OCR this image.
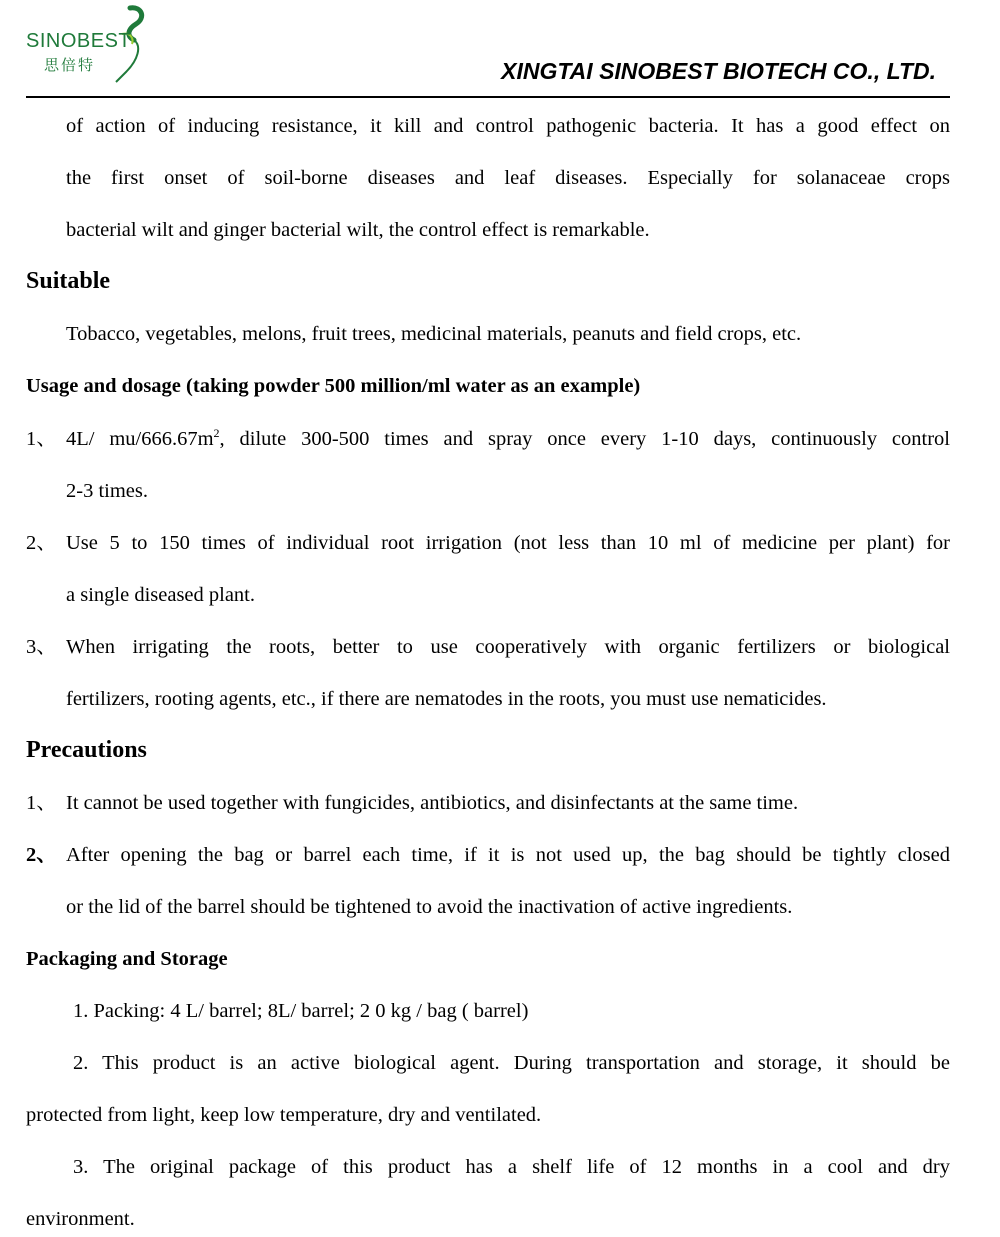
SINOBEST
思倍特	XINGTAI SINOBEST BIOTECH CO., LTD.
of action of inducing resistance, it kill and control pathogenic bacteria. It has a good effect on
the first onset of soil-borne diseases and leaf diseases. Especially for solanaceae crops
bacterial wilt and ginger bacterial wilt, the control effect is remarkable.
Suitable
Tobacco, vegetables, melons, fruit trees, medicinal materials, peanuts and field crops, etc.
Usage and dosage (taking powder 500 million/ml water as an example)
1、 4L/ $mu/666.67m^2$, dilute 300-500 times and spray once every 1-10 days, continuously control
2-3 times.
2、 Use 5 to 150 times of individual root irrigation (not less than 10 ml of medicine per plant) for
a single diseased plant.
3、 When irrigating the roots, better to use cooperatively with organic fertilizers or biological
fertilizers, rooting agents, etc., if there are nematodes in the roots, you must use nematicides.
Precautions
1、 It cannot be used together with fungicides, antibiotics, and disinfectants at the same time.
2、 After opening the bag or barrel each time, if it is not used up, the bag should be tightly closed
or the lid of the barrel should be tightened to avoid the inactivation of active ingredients.
Packaging and Storage
1. Packing: 4 L/ barrel; 8L/ barrel; 2 0 kg / bag ( barrel)
2. This product is an active biological agent. During transportation and storage, it should be
protected from light, keep low temperature, dry and ventilated.
3. The original package of this product has a shelf life of 12 months in a cool and dry
environment.
